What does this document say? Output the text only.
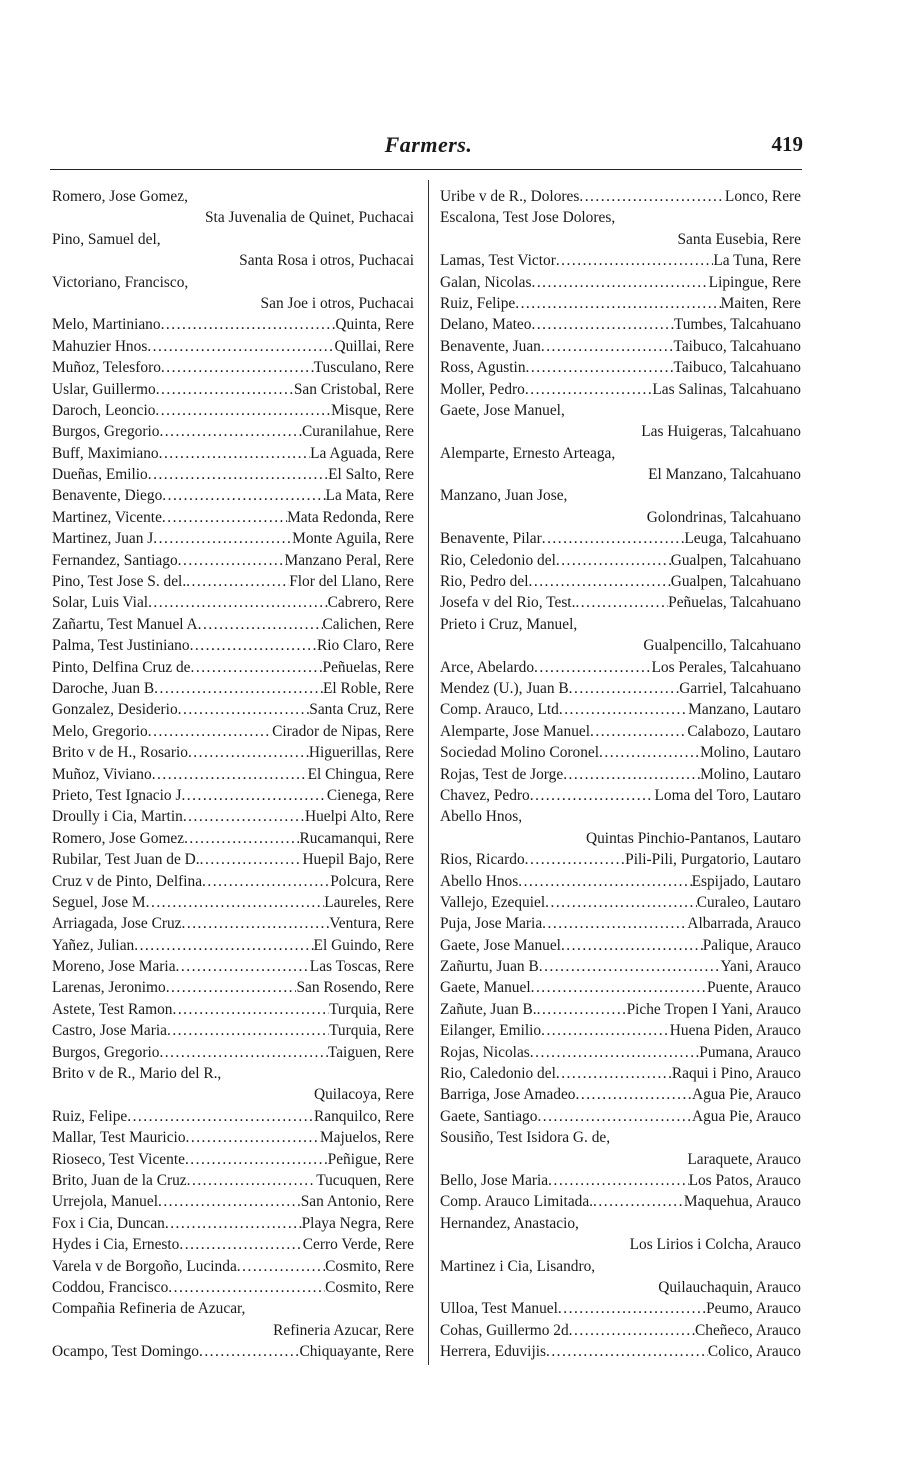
Farmers.	419
Romero, Jose Gomez,
Sta Juvenalia de Quinet, Puchacai
Pino, Samuel del,
Santa Rosa i otros, Puchacai
Victoriano, Francisco,
San Joe i otros, Puchacai
Melo, Martiniano .....	Quinta, Rere
Mahuzier Hnos .....	Quillai, Rere
Muñoz, Telesforo .....	Tusculano, Rere
Uslar, Guillermo .....	San Cristobal, Rere
Daroch, Leoncio .....	Misque, Rere
Burgos, Gregorio .....	Curanilahue, Rere
Buff, Maximiano .....	La Aguada, Rere
Dueñas, Emilio .....	El Salto, Rere
Benavente, Diego .....	La Mata, Rere
Martinez, Vicente .....	Mata Redonda, Rere
Martinez, Juan J .....	Monte Aguila, Rere
Fernandez, Santiago .....	Manzano Peral, Rere
Pino, Test Jose S. del. .....	Flor del Llano, Rere
Solar, Luis Vial .....	Cabrero, Rere
Zañartu, Test Manuel A .....	Calichen, Rere
Palma, Test Justiniano .....	Rio Claro, Rere
Pinto, Delfina Cruz de .....	Peñuelas, Rere
Daroche, Juan B .....	El Roble, Rere
Gonzalez, Desiderio .....	Santa Cruz, Rere
Melo, Gregorio .....	Cirador de Nipas, Rere
Brito v de H., Rosario .....	Higuerillas, Rere
Muñoz, Viviano .....	El Chingua, Rere
Prieto, Test Ignacio J .....	Cienega, Rere
Droully i Cia, Martin .....	Huelpi Alto, Rere
Romero, Jose Gomez .....	Rucamanqui, Rere
Rubilar, Test Juan de D. .....	Huepil Bajo, Rere
Cruz v de Pinto, Delfina .....	Polcura, Rere
Seguel, Jose M .....	Laureles, Rere
Arriagada, Jose Cruz .....	Ventura, Rere
Yañez, Julian .....	El Guindo, Rere
Moreno, Jose Maria .....	Las Toscas, Rere
Larenas, Jeronimo .....	San Rosendo, Rere
Astete, Test Ramon .....	Turquia, Rere
Castro, Jose Maria .....	Turquia, Rere
Burgos, Gregorio .....	Taiguen, Rere
Brito v de R., Mario del R.,
Quilacoya, Rere
Ruiz, Felipe .....	Ranquilco, Rere
Mallar, Test Mauricio .....	Majuelos, Rere
Rioseco, Test Vicente .....	Peñigue, Rere
Brito, Juan de la Cruz .....	Tucuquen, Rere
Urrejola, Manuel .....	San Antonio, Rere
Fox i Cia, Duncan .....	Playa Negra, Rere
Hydes i Cia, Ernesto .....	Cerro Verde, Rere
Varela v de Borgoño, Lucinda .....	Cosmito, Rere
Coddou, Francisco .....	Cosmito, Rere
Compañia Refineria de Azucar,
Refineria Azucar, Rere
Ocampo, Test Domingo .....	Chiquayante, Rere
Uribe v de R., Dolores .....	Lonco, Rere
Escalona, Test Jose Dolores,
Santa Eusebia, Rere
Lamas, Test Victor .....	La Tuna, Rere
Galan, Nicolas .....	Lipingue, Rere
Ruiz, Felipe .....	Maiten, Rere
Delano, Mateo .....	Tumbes, Talcahuano
Benavente, Juan .....	Taibuco, Talcahuano
Ross, Agustin .....	Taibuco, Talcahuano
Moller, Pedro .....	Las Salinas, Talcahuano
Gaete, Jose Manuel,
Las Huigeras, Talcahuano
Alemparte, Ernesto Arteaga,
El Manzano, Talcahuano
Manzano, Juan Jose,
Golondrinas, Talcahuano
Benavente, Pilar .....	Leuga, Talcahuano
Rio, Celedonio del .....	Gualpen, Talcahuano
Rio, Pedro del .....	Gualpen, Talcahuano
Josefa v del Rio, Test. .....	Peñuelas, Talcahuano
Prieto i Cruz, Manuel,
Gualpencillo, Talcahuano
Arce, Abelardo .....	Los Perales, Talcahuano
Mendez (U.), Juan B .....	Garriel, Talcahuano
Comp. Arauco, Ltd .....	Manzano, Lautaro
Alemparte, Jose Manuel .....	Calabozo, Lautaro
Sociedad Molino Coronel .....	Molino, Lautaro
Rojas, Test de Jorge .....	Molino, Lautaro
Chavez, Pedro .....	Loma del Toro, Lautaro
Abello Hnos,
Quintas Pinchio-Pantanos, Lautaro
Rios, Ricardo .....	Pili-Pili, Purgatorio, Lautaro
Abello Hnos .....	Espijado, Lautaro
Vallejo, Ezequiel .....	Curaleo, Lautaro
Puja, Jose Maria .....	Albarrada, Arauco
Gaete, Jose Manuel .....	Palique, Arauco
Zañurtu, Juan B .....	Yani, Arauco
Gaete, Manuel .....	Puente, Arauco
Zañute, Juan B. .....	Piche Tropen I Yani, Arauco
Eilanger, Emilio .....	Huena Piden, Arauco
Rojas, Nicolas .....	Pumana, Arauco
Rio, Caledonio del .....	Raqui i Pino, Arauco
Barriga, Jose Amadeo .....	Agua Pie, Arauco
Gaete, Santiago .....	Agua Pie, Arauco
Sousiño, Test Isidora G. de,
Laraquete, Arauco
Bello, Jose Maria .....	Los Patos, Arauco
Comp. Arauco Limitada. .....	Maquehua, Arauco
Hernandez, Anastacio,
Los Lirios i Colcha, Arauco
Martinez i Cia, Lisandro,
Quilauchaquin, Arauco
Ulloa, Test Manuel .....	Peumo, Arauco
Cohas, Guillermo 2d .....	Cheñeco, Arauco
Herrera, Eduvijis .....	Colico, Arauco
